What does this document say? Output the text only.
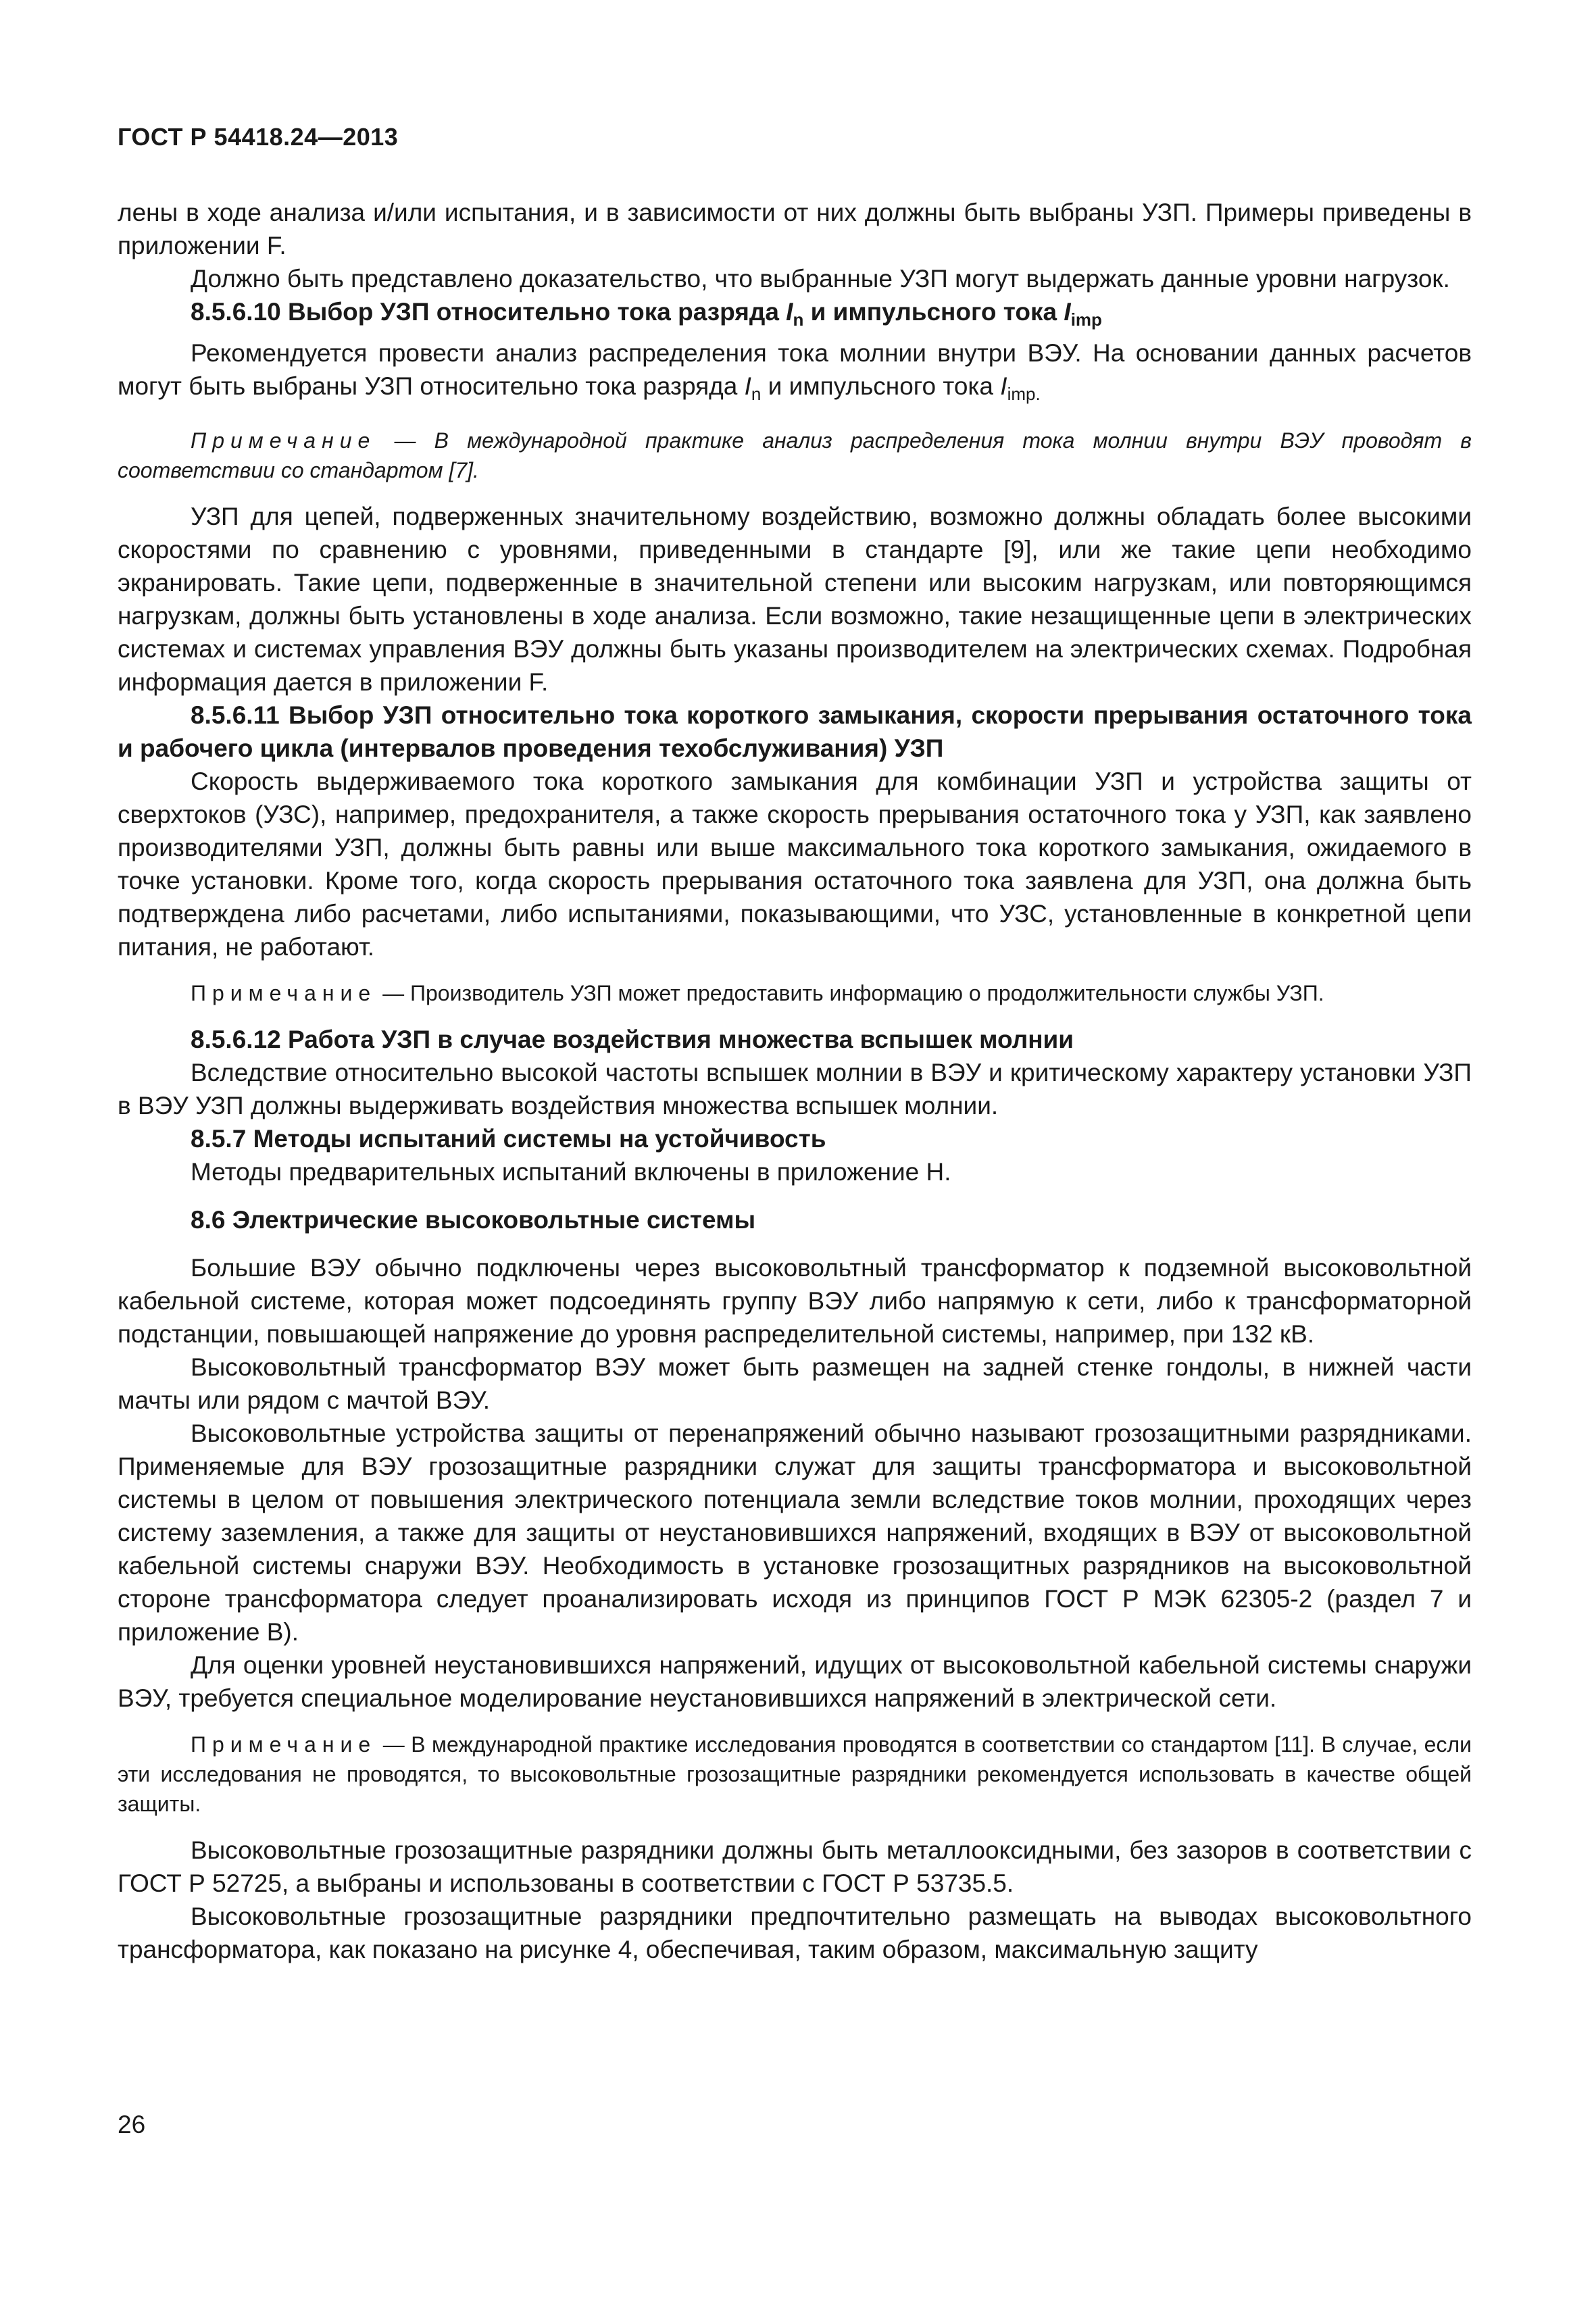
ГОСТ Р 54418.24—2013

лены в ходе анализа и/или испытания, и в зависимости от них должны быть выбраны УЗП. Примеры приведены в приложении F.

Должно быть представлено доказательство, что выбранные УЗП могут выдержать данные уровни нагрузок.

8.5.6.10 Выбор УЗП относительно тока разряда $I_n$ и импульсного тока $I_{imp}$

Рекомендуется провести анализ распределения тока молнии внутри ВЭУ. На основании данных расчетов могут быть выбраны УЗП относительно тока разряда $I_n$ и импульсного тока $I_{imp.}$

Примечание — В международной практике анализ распределения тока молнии внутри ВЭУ проводят в соответствии со стандартом [7].

УЗП для цепей, подверженных значительному воздействию, возможно должны обладать более высокими скоростями по сравнению с уровнями, приведенными в стандарте [9], или же такие цепи необходимо экранировать. Такие цепи, подверженные в значительной степени или высоким нагрузкам, или повторяющимся нагрузкам, должны быть установлены в ходе анализа. Если возможно, такие незащищенные цепи в электрических системах и системах управления ВЭУ должны быть указаны производителем на электрических схемах. Подробная информация дается в приложении F.

8.5.6.11 Выбор УЗП относительно тока короткого замыкания, скорости прерывания остаточного тока и рабочего цикла (интервалов проведения техобслуживания) УЗП

Скорость выдерживаемого тока короткого замыкания для комбинации УЗП и устройства защиты от сверхтоков (УЗС), например, предохранителя, а также скорость прерывания остаточного тока у УЗП, как заявлено производителями УЗП, должны быть равны или выше максимального тока короткого замыкания, ожидаемого в точке установки. Кроме того, когда скорость прерывания остаточного тока заявлена для УЗП, она должна быть подтверждена либо расчетами, либо испытаниями, показывающими, что УЗС, установленные в конкретной цепи питания, не работают.

Примечание — Производитель УЗП может предоставить информацию о продолжительности службы УЗП.

8.5.6.12 Работа УЗП в случае воздействия множества вспышек молнии

Вследствие относительно высокой частоты вспышек молнии в ВЭУ и критическому характеру установки УЗП в ВЭУ УЗП должны выдерживать воздействия множества вспышек молнии.

8.5.7 Методы испытаний системы на устойчивость

Методы предварительных испытаний включены в приложение Н.

8.6 Электрические высоковольтные системы

Большие ВЭУ обычно подключены через высоковольтный трансформатор к подземной высоковольтной кабельной системе, которая может подсоединять группу ВЭУ либо напрямую к сети, либо к трансформаторной подстанции, повышающей напряжение до уровня распределительной системы, например, при 132 кВ.

Высоковольтный трансформатор ВЭУ может быть размещен на задней стенке гондолы, в нижней части мачты или рядом с мачтой ВЭУ.

Высоковольтные устройства защиты от перенапряжений обычно называют грозозащитными разрядниками. Применяемые для ВЭУ грозозащитные разрядники служат для защиты трансформатора и высоковольтной системы в целом от повышения электрического потенциала земли вследствие токов молнии, проходящих через систему заземления, а также для защиты от неустановившихся напряжений, входящих в ВЭУ от высоковольтной кабельной системы снаружи ВЭУ. Необходимость в установке грозозащитных разрядников на высоковольтной стороне трансформатора следует проанализировать исходя из принципов ГОСТ Р МЭК 62305-2 (раздел 7 и приложение В).

Для оценки уровней неустановившихся напряжений, идущих от высоковольтной кабельной системы снаружи ВЭУ, требуется специальное моделирование неустановившихся напряжений в электрической сети.

Примечание — В международной практике исследования проводятся в соответствии со стандартом [11]. В случае, если эти исследования не проводятся, то высоковольтные грозозащитные разрядники рекомендуется использовать в качестве общей защиты.

Высоковольтные грозозащитные разрядники должны быть металлооксидными, без зазоров в соответствии с ГОСТ Р 52725, а выбраны и использованы в соответствии с ГОСТ Р 53735.5.

Высоковольтные грозозащитные разрядники предпочтительно размещать на выводах высоковольтного трансформатора, как показано на рисунке 4, обеспечивая, таким образом, максимальную защиту

26
